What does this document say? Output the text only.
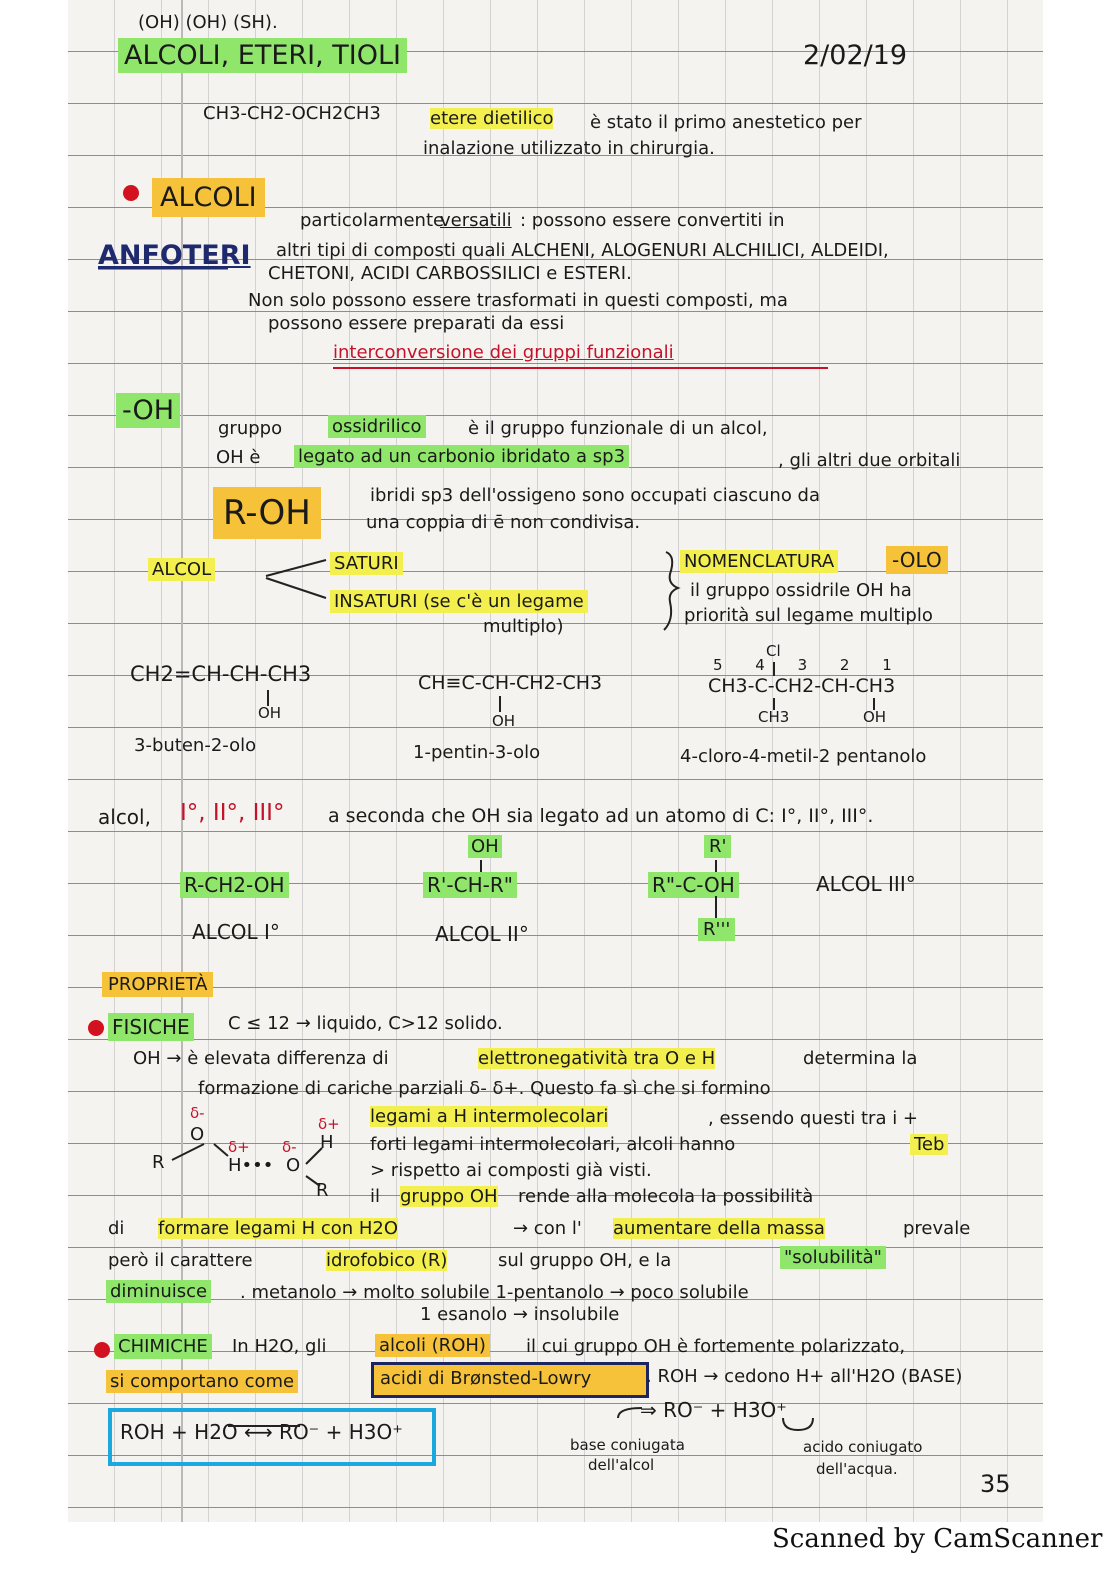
(OH) (OH) (SH).
ALCOLI, ETERI, TIOLI	2/02/19
CH3-CH2-OCH2CH3	etere dietilico è stato il primo anestetico per
inalazione utilizzato in chirurgia.
ALCOLI
ANFOTERI
particolarmente
versatili : possono essere convertiti in
altri tipi di composti quali ALCHENI, ALOGENURI ALCHILICI, ALDEIDI,
CHETONI, ACIDI CARBOSSILICI e ESTERI.
Non solo possono essere trasformati in questi composti, ma
possono essere preparati da essi
interconversione dei gruppi funzionali
-OH
gruppo	ossidrilico	è il gruppo funzionale di un alcol,
OH è legato ad un carbonio ibridato a sp3	, gli altri due orbitali
R-OH	ibridi sp3 dell'ossigeno sono occupati ciascuno da
una coppia di ē non condivisa.
ALCOL	SATURI
INSATURI (se c'è un legame
multiplo)
NOMENCLATURA	-OLO
il gruppo ossidrile OH ha
priorità sul legame multiplo
CH2=CH-CH-CH3
OH
3-buten-2-olo
CH≡C-CH-CH2-CH3
OH
1-pentin-3-olo
5 4 3 2 1
Cl
CH3-C-CH2-CH-CH3
CH3	OH
4-cloro-4-metil-2 pentanolo
alcol, I°, II°, III° a seconda che OH sia legato ad un atomo di C: I°, II°, III°.
R-CH2-OH
ALCOL I°
OH
R'-CH-R"
ALCOL II°
R'
R"-C-OH
R'''
ALCOL III°
PROPRIETÀ
FISICHE C ≤ 12 → liquido, C>12 solido.
OH → è elevata differenza di	elettronegatività tra O e H	determina la
formazione di cariche parziali δ- δ+. Questo fa sì che si formino
δ-
O
R
δ+
H
δ+
H•••
δ-
O
R
legami a H intermolecolari	, essendo questi tra i +
forti legami intermolecolari, alcoli hanno	Teb
> rispetto ai composti già visti.
il gruppo OH rende alla molecola la possibilità
di formare legami H con H2O	→ con l' aumentare della massa	prevale
però il carattere	idrofobico (R)	sul gruppo OH, e la	"solubilità"
diminuisce . metanolo → molto solubile 1-pentanolo → poco solubile
1 esanolo → insolubile
CHIMICHE In H2O, gli	alcoli (ROH) il cui gruppo OH è fortemente polarizzato,
si comportano come	acidi di Brønsted-Lowry	. ROH → cedono H+ all'H2O (BASE)
ROH + H2O ⟷ RO⁻ + H3O⁺
⇒ RO⁻ + H3O⁺
base coniugata
dell'alcol
acido coniugato
dell'acqua.
35
Scanned by CamScanner
